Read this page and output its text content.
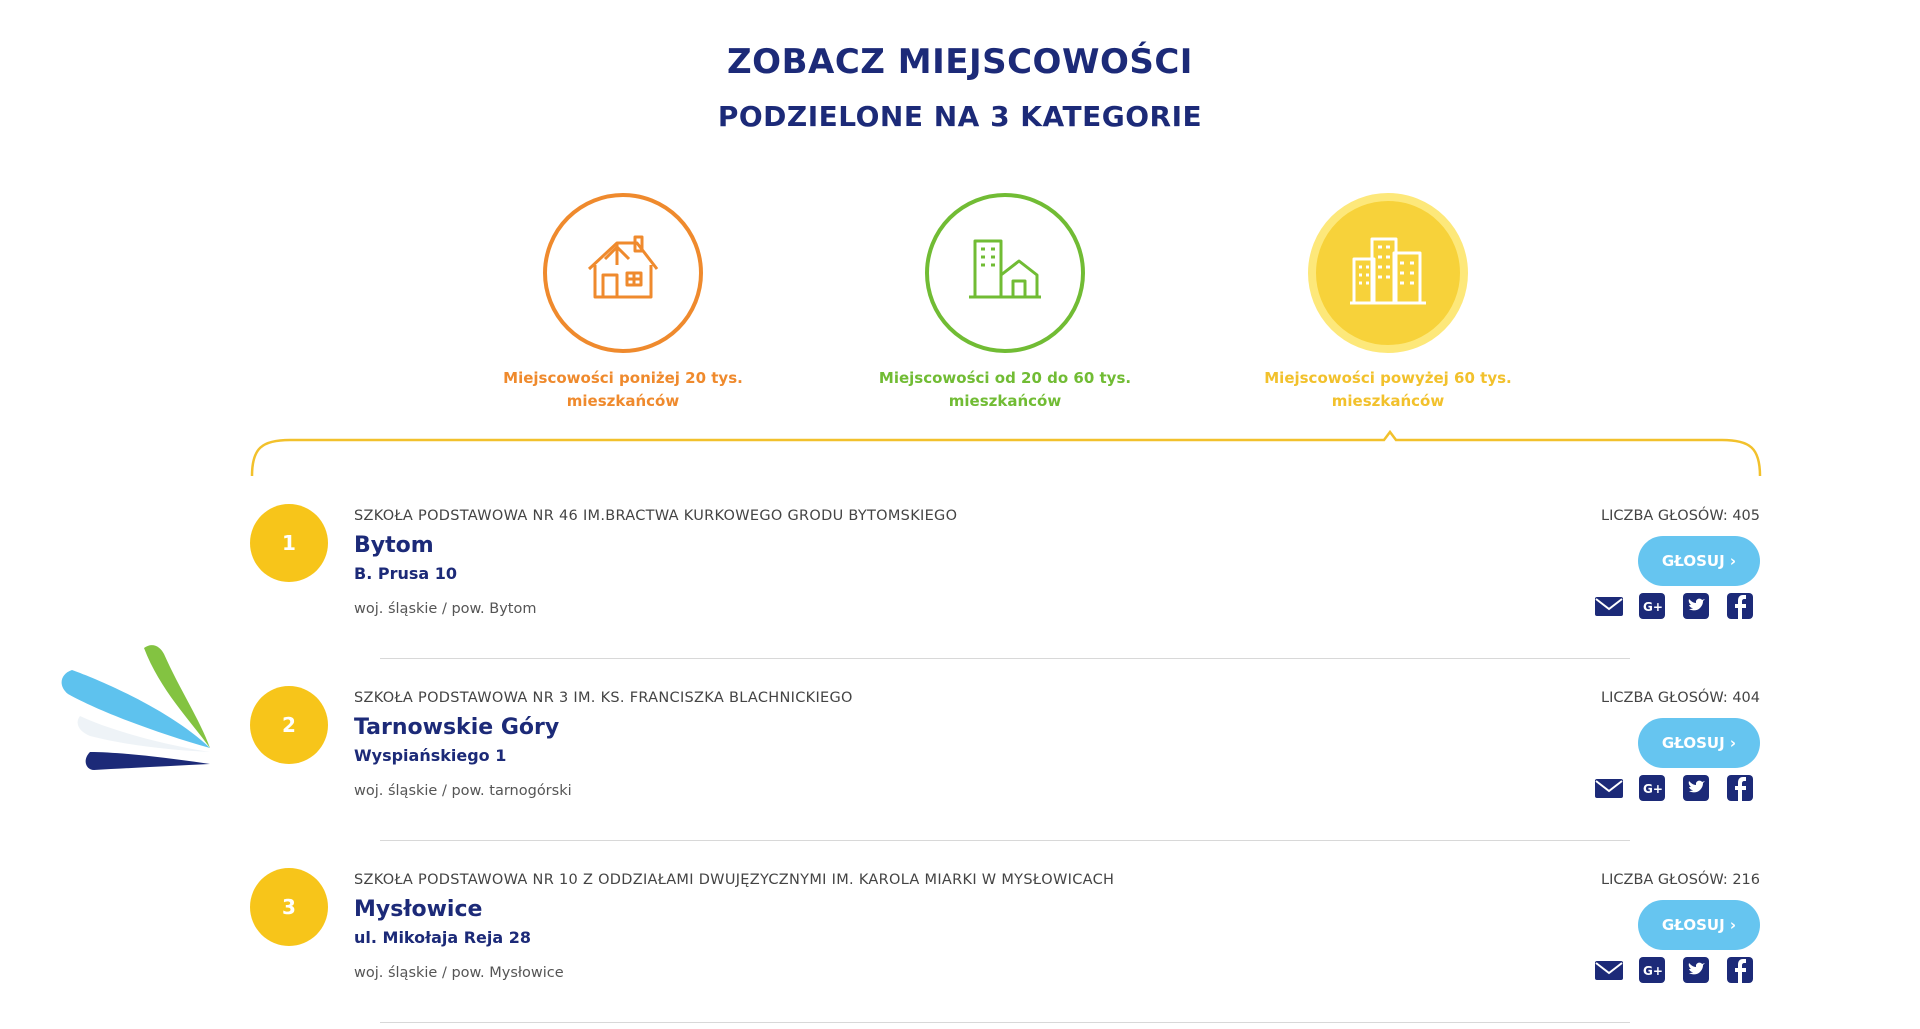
ZOBACZ MIEJSCOWOŚCI
PODZIELONE NA 3 KATEGORIE
Miejscowości poniżej 20 tys.
mieszkańców
Miejscowości od 20 do 60 tys.
mieszkańców
Miejscowości powyżej 60 tys.
mieszkańców
1
SZKOŁA PODSTAWOWA NR 46 IM.BRACTWA KURKOWEGO GRODU BYTOMSKIEGO
Bytom
B. Prusa 10
woj. śląskie / pow. Bytom
LICZBA GŁOSÓW: 405
GŁOSUJ ›
G+
2
SZKOŁA PODSTAWOWA NR 3 IM. KS. FRANCISZKA BLACHNICKIEGO
Tarnowskie Góry
Wyspiańskiego 1
woj. śląskie / pow. tarnogórski
LICZBA GŁOSÓW: 404
GŁOSUJ ›
G+
3
SZKOŁA PODSTAWOWA NR 10 Z ODDZIAŁAMI DWUJĘZYCZNYMI IM. KAROLA MIARKI W MYSŁOWICACH
Mysłowice
ul. Mikołaja Reja 28
woj. śląskie / pow. Mysłowice
LICZBA GŁOSÓW: 216
GŁOSUJ ›
G+
